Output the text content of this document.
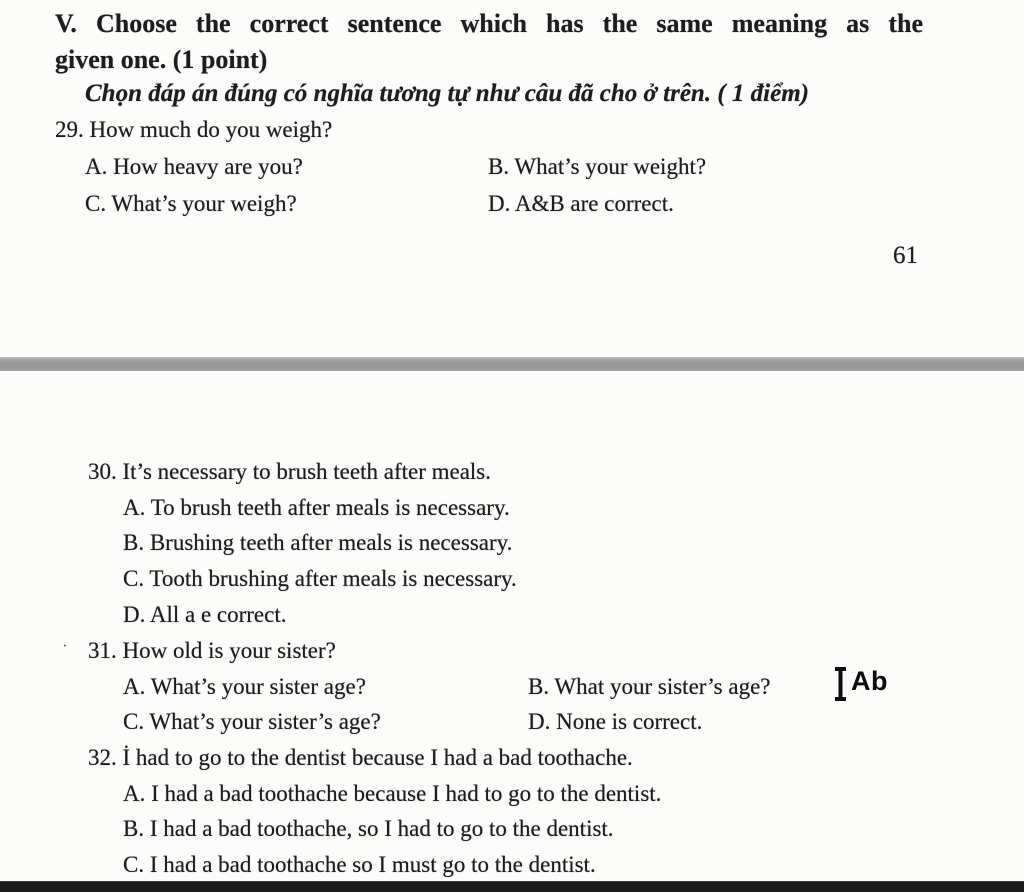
V. Choose the correct sentence which has the same meaning as the
given one. (1 point)
Chọn đáp án đúng có nghĩa tương tự như câu đã cho ở trên. ( 1 điểm)
29. How much do you weigh?
A. How heavy are you?	B. What’s your weight?
C. What’s your weigh?	D. A&B are correct.
61
30. It’s necessary to brush teeth after meals.
A. To brush teeth after meals is necessary.
B. Brushing teeth after meals is necessary.
C. Tooth brushing after meals is necessary.
D. All a e correct.
· 31. How old is your sister?
A. What’s your sister age?	B. What your sister’s age?
C. What’s your sister’s age?	D. None is correct.
Ab
32. İ had to go to the dentist because I had a bad toothache.
A. I had a bad toothache because I had to go to the dentist.
B. I had a bad toothache, so I had to go to the dentist.
C. I had a bad toothache so I must go to the dentist.
